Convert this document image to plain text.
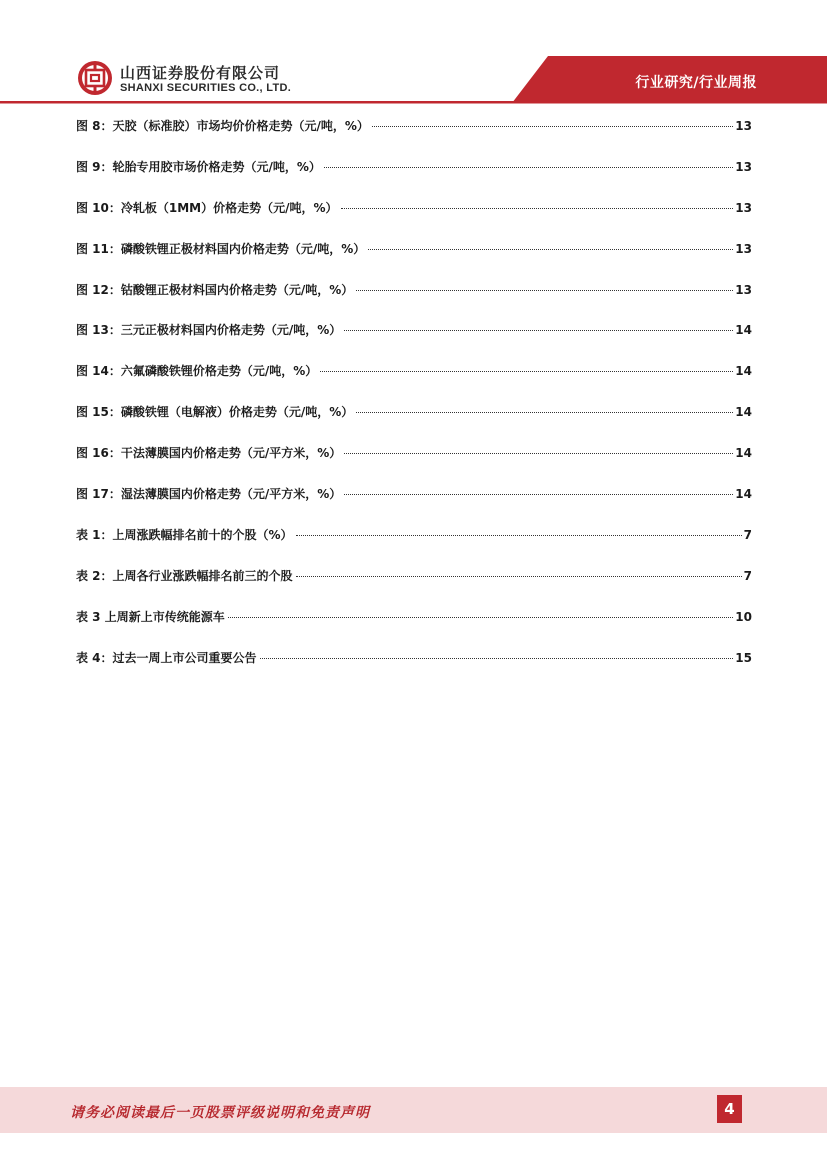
山西证券股份有限公司
SHANXI SECURITIES CO., LTD.	行业研究/行业周报
图 8：天胶（标准胶）市场均价价格走势（元/吨，%）	13
图 9：轮胎专用胶市场价格走势（元/吨，%）	13
图 10：冷轧板（1MM）价格走势（元/吨，%）	13
图 11：磷酸铁锂正极材料国内价格走势（元/吨，%）	13
图 12：钴酸锂正极材料国内价格走势（元/吨，%）	13
图 13：三元正极材料国内价格走势（元/吨，%）	14
图 14：六氟磷酸铁锂价格走势（元/吨，%）	14
图 15：磷酸铁锂（电解液）价格走势（元/吨，%）	14
图 16：干法薄膜国内价格走势（元/平方米，%）	14
图 17：湿法薄膜国内价格走势（元/平方米，%）	14
表 1：上周涨跌幅排名前十的个股（%）	7
表 2：上周各行业涨跌幅排名前三的个股	7
表 3 上周新上市传统能源车	10
表 4：过去一周上市公司重要公告	15
请务必阅读最后一页股票评级说明和免责声明	4
